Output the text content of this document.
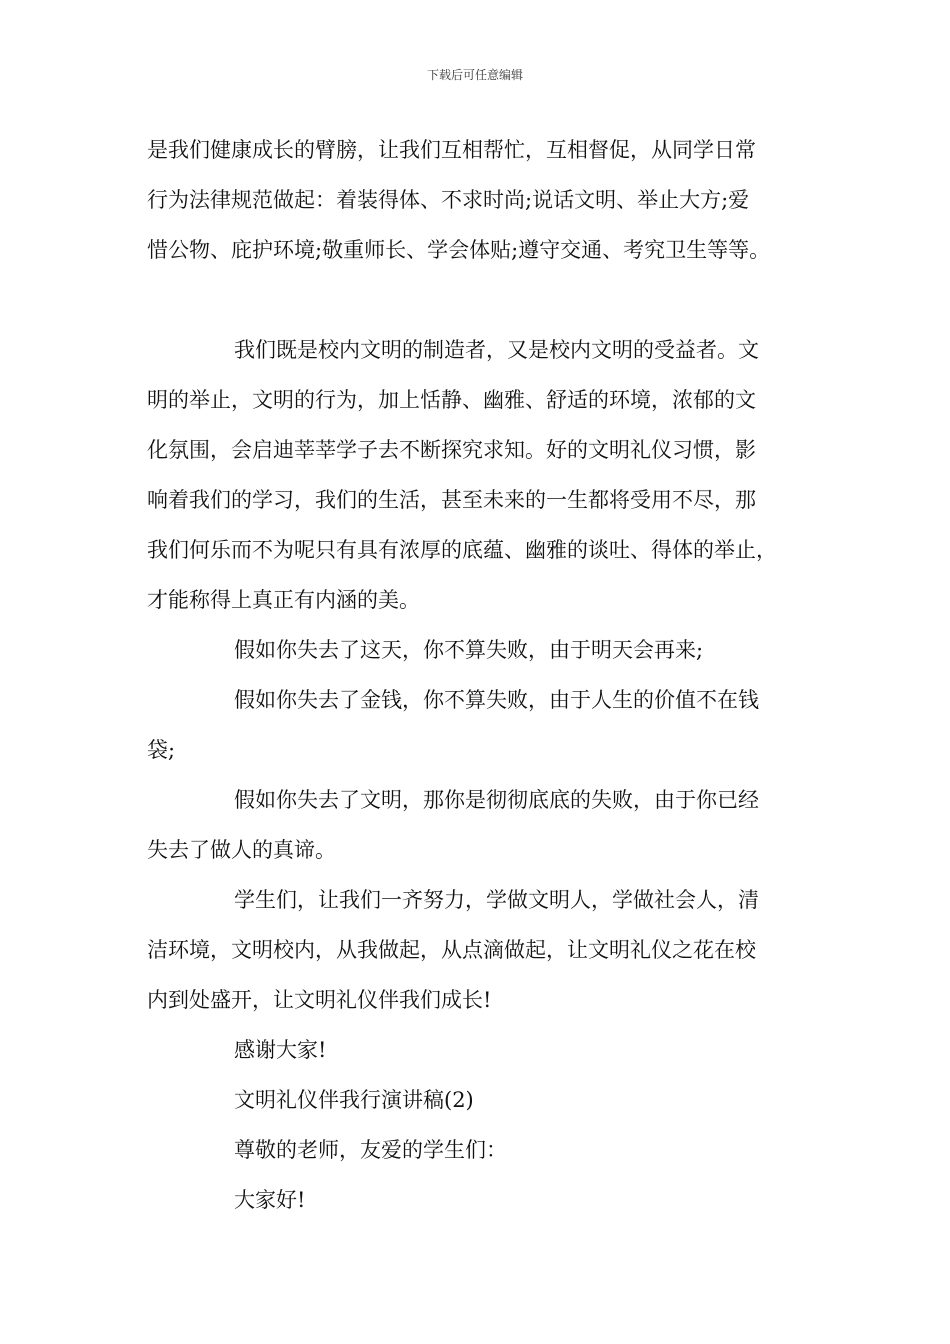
下载后可任意编辑
是我们健康成长的臂膀，让我们互相帮忙，互相督促，从同学日常
行为法律规范做起：着装得体、不求时尚;说话文明、举止大方;爱
惜公物、庇护环境;敬重师长、学会体贴;遵守交通、考究卫生等等。
我们既是校内文明的制造者，又是校内文明的受益者。文
明的举止，文明的行为，加上恬静、幽雅、舒适的环境，浓郁的文
化氛围，会启迪莘莘学子去不断探究求知。好的文明礼仪习惯，影
响着我们的学习，我们的生活，甚至未来的一生都将受用不尽，那
我们何乐而不为呢只有具有浓厚的底蕴、幽雅的谈吐、得体的举止，
才能称得上真正有内涵的美。
假如你失去了这天，你不算失败，由于明天会再来;
假如你失去了金钱，你不算失败，由于人生的价值不在钱
袋;
假如你失去了文明，那你是彻彻底底的失败，由于你已经
失去了做人的真谛。
学生们，让我们一齐努力，学做文明人，学做社会人，清
洁环境，文明校内，从我做起，从点滴做起，让文明礼仪之花在校
内到处盛开，让文明礼仪伴我们成长!
感谢大家!
文明礼仪伴我行演讲稿(2)
尊敬的老师，友爱的学生们：
大家好!
